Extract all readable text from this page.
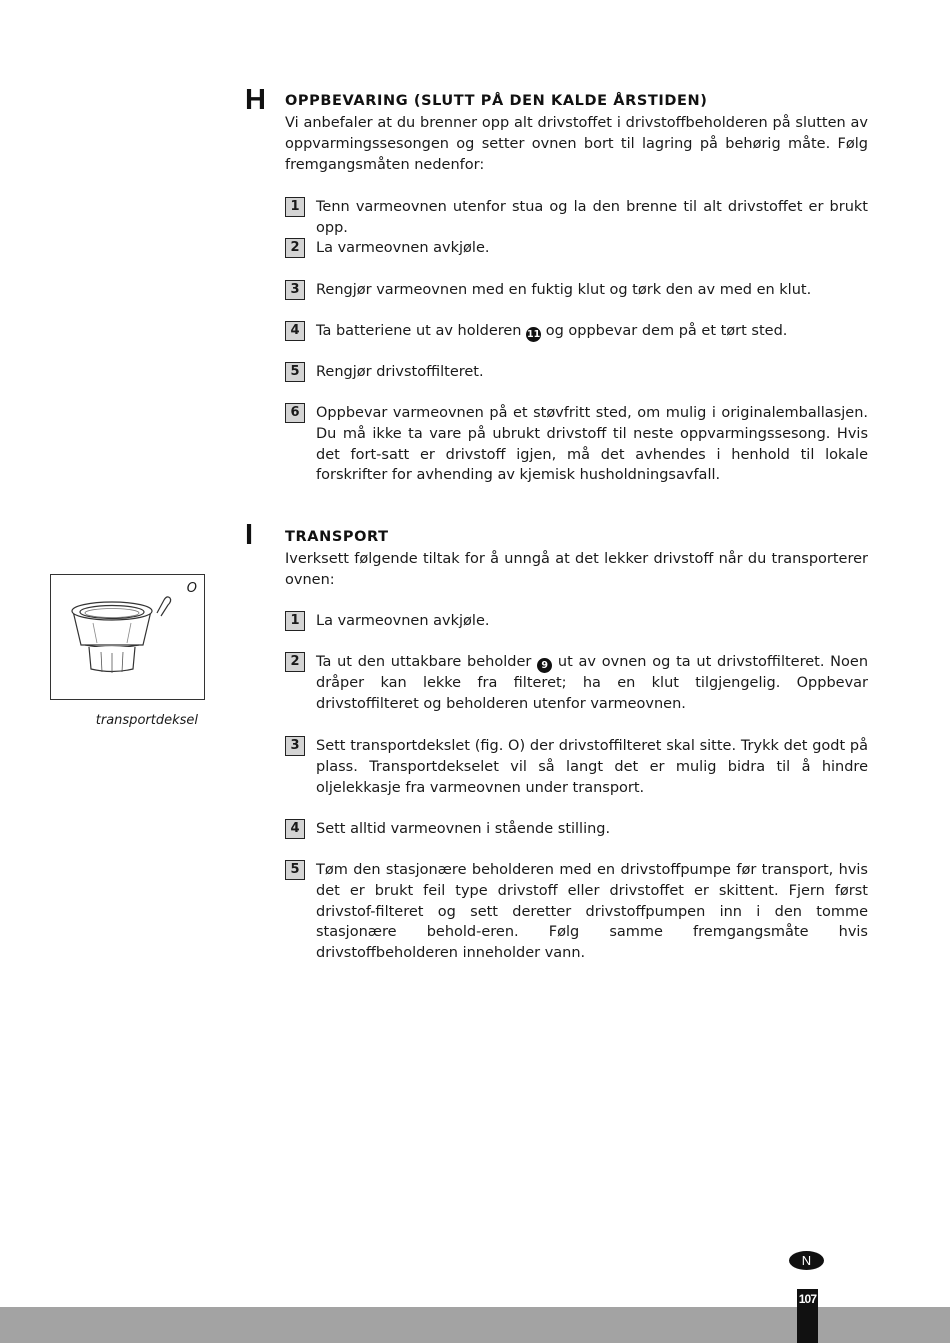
H OPPBEVARING (SLUTT PÅ DEN KALDE ÅRSTIDEN)

Vi anbefaler at du brenner opp alt drivstoffet i drivstoffbeholderen på slutten av oppvarmingssesongen og setter ovnen bort til lagring på behørig måte. Følg fremgangsmåten nedenfor:

1	Tenn varmeovnen utenfor stua og la den brenne til alt drivstoffet er brukt opp.
2	La varmeovnen avkjøle.
3	Rengjør varmeovnen med en fuktig klut og tørk den av med en klut.
4	Ta batteriene ut av holderen 11 og oppbevar dem på et tørt sted.
5	Rengjør drivstoffilteret.
6	Oppbevar varmeovnen på et støvfritt sted, om mulig i originalemballasjen. Du må ikke ta vare på ubrukt drivstoff til neste oppvarmingssesong. Hvis det fort-satt er drivstoff igjen, må det avhendes i henhold til lokale forskrifter for avhending av kjemisk husholdningsavfall.
I TRANSPORT

Iverksett følgende tiltak for å unngå at det lekker drivstoff når du transporterer ovnen:

1	La varmeovnen avkjøle.
2	Ta ut den uttakbare beholder 9 ut av ovnen og ta ut drivstoffilteret. Noen dråper kan lekke fra filteret; ha en klut tilgjengelig. Oppbevar drivstoffilteret og beholderen utenfor varmeovnen.
3	Sett transportdekslet (fig. O) der drivstoffilteret skal sitte. Trykk det godt på plass. Transportdekselet vil så langt det er mulig bidra til å hindre oljelekkasje fra varmeovnen under transport.
4	Sett alltid varmeovnen i stående stilling.
5	Tøm den stasjonære beholderen med en drivstoffpumpe før transport, hvis det er brukt feil type drivstoff eller drivstoffet er skittent. Fjern først drivstof-filteret og sett deretter drivstoffpumpen inn i den tomme stasjonære behold-eren. Følg samme fremgangsmåte hvis drivstoffbeholderen inneholder vann.
O
transportdeksel
N
107
